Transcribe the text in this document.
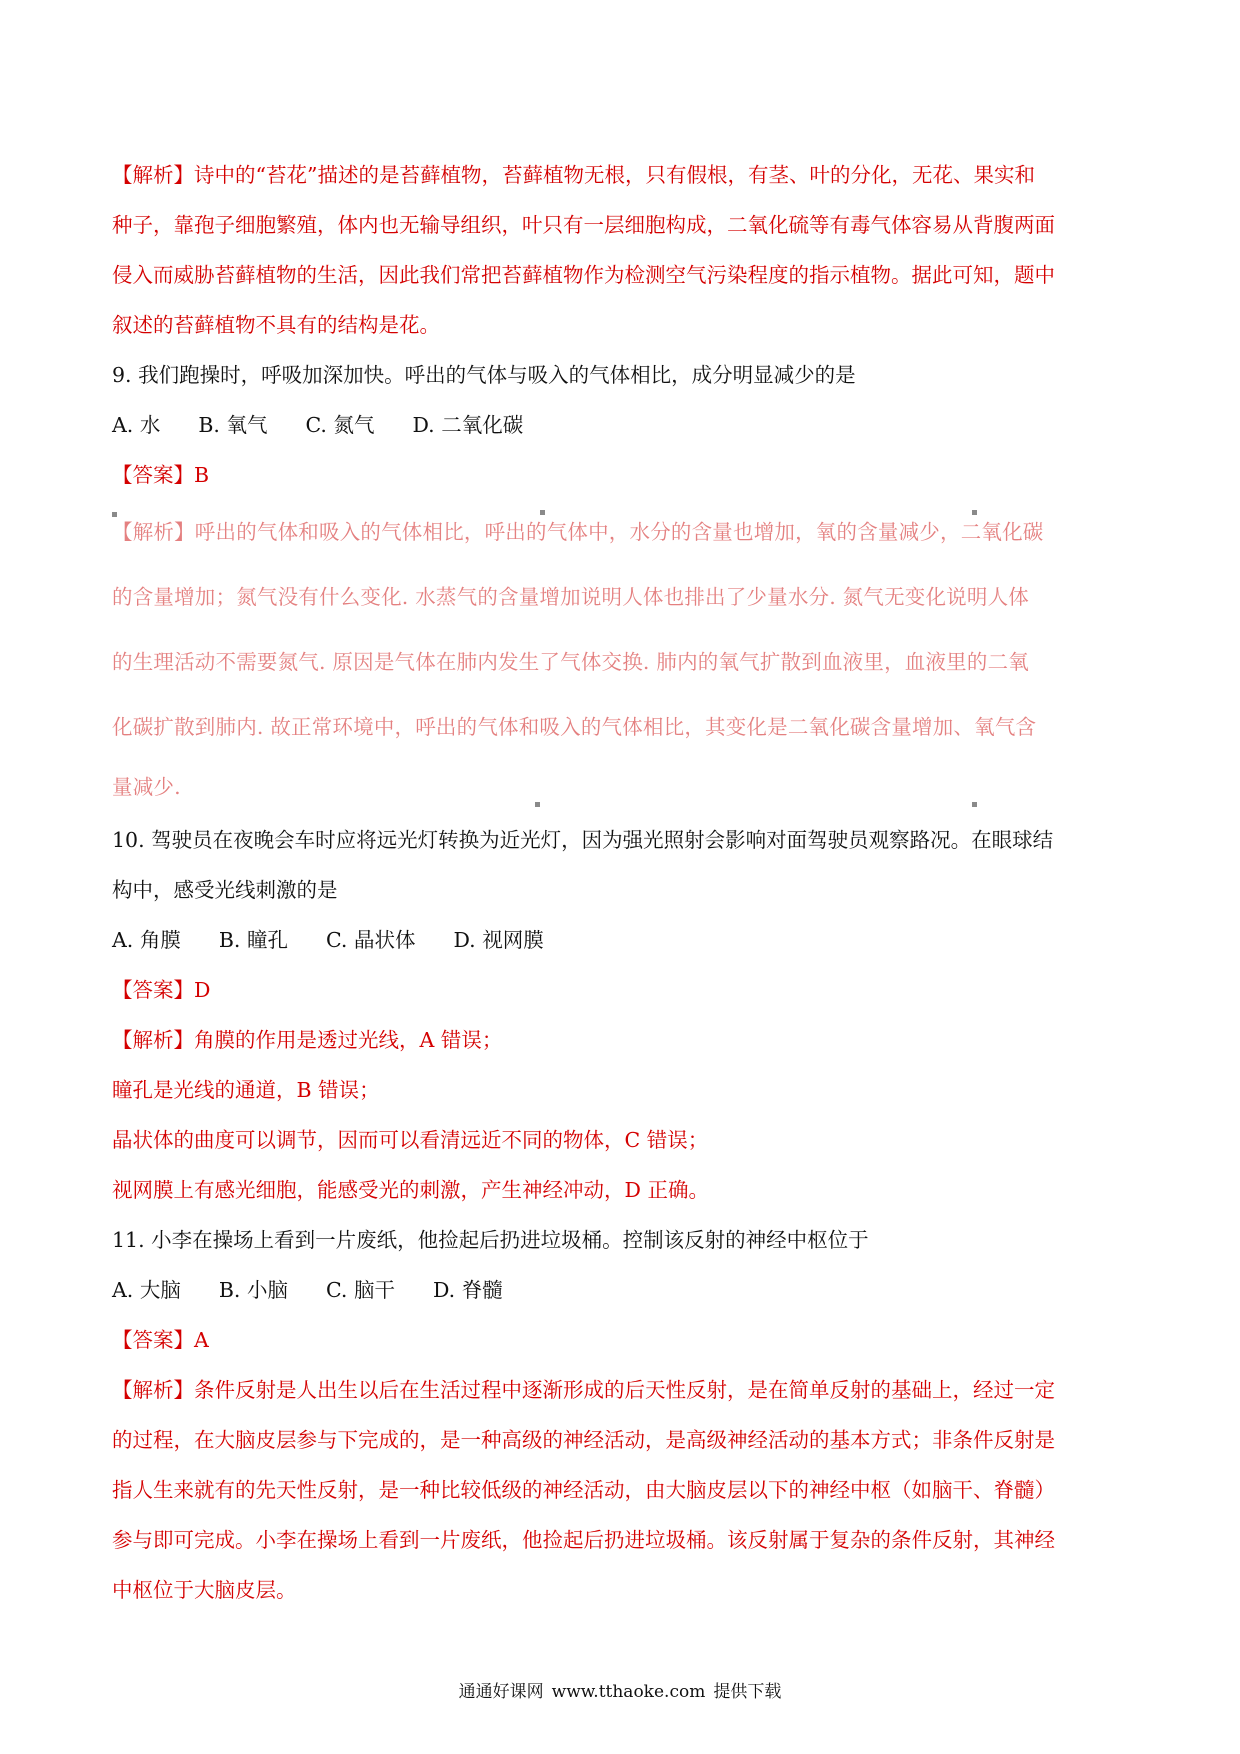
【解析】诗中的“苔花”描述的是苔藓植物，苔藓植物无根，只有假根，有茎、叶的分化，无花、果实和
种子，靠孢子细胞繁殖，体内也无输导组织，叶只有一层细胞构成，二氧化硫等有毒气体容易从背腹两面
侵入而威胁苔藓植物的生活，因此我们常把苔藓植物作为检测空气污染程度的指示植物。据此可知，题中
叙述的苔藓植物不具有的结构是花。
9. 我们跑操时，呼吸加深加快。呼出的气体与吸入的气体相比，成分明显减少的是
A. 水 B. 氧气 C. 氮气 D. 二氧化碳
【答案】B
【解析】呼出的气体和吸入的气体相比，呼出的气体中，水分的含量也增加，氧的含量减少，二氧化碳
的含量增加；氮气没有什么变化. 水蒸气的含量增加说明人体也排出了少量水分. 氮气无变化说明人体
的生理活动不需要氮气. 原因是气体在肺内发生了气体交换. 肺内的氧气扩散到血液里，血液里的二氧
化碳扩散到肺内. 故正常环境中，呼出的气体和吸入的气体相比，其变化是二氧化碳含量增加、氧气含
量减少.
10. 驾驶员在夜晚会车时应将远光灯转换为近光灯，因为强光照射会影响对面驾驶员观察路况。在眼球结
构中，感受光线刺激的是
A. 角膜 B. 瞳孔 C. 晶状体 D. 视网膜
【答案】D
【解析】角膜的作用是透过光线，A 错误；
瞳孔是光线的通道，B 错误；
晶状体的曲度可以调节，因而可以看清远近不同的物体，C 错误；
视网膜上有感光细胞，能感受光的刺激，产生神经冲动，D 正确。
11. 小李在操场上看到一片废纸，他捡起后扔进垃圾桶。控制该反射的神经中枢位于
A. 大脑 B. 小脑 C. 脑干 D. 脊髓
【答案】A
【解析】条件反射是人出生以后在生活过程中逐渐形成的后天性反射，是在简单反射的基础上，经过一定
的过程，在大脑皮层参与下完成的，是一种高级的神经活动，是高级神经活动的基本方式；非条件反射是
指人生来就有的先天性反射，是一种比较低级的神经活动，由大脑皮层以下的神经中枢（如脑干、脊髓）
参与即可完成。小李在操场上看到一片废纸，他捡起后扔进垃圾桶。该反射属于复杂的条件反射，其神经
中枢位于大脑皮层。
通通好课网 www.tthaoke.com 提供下载
